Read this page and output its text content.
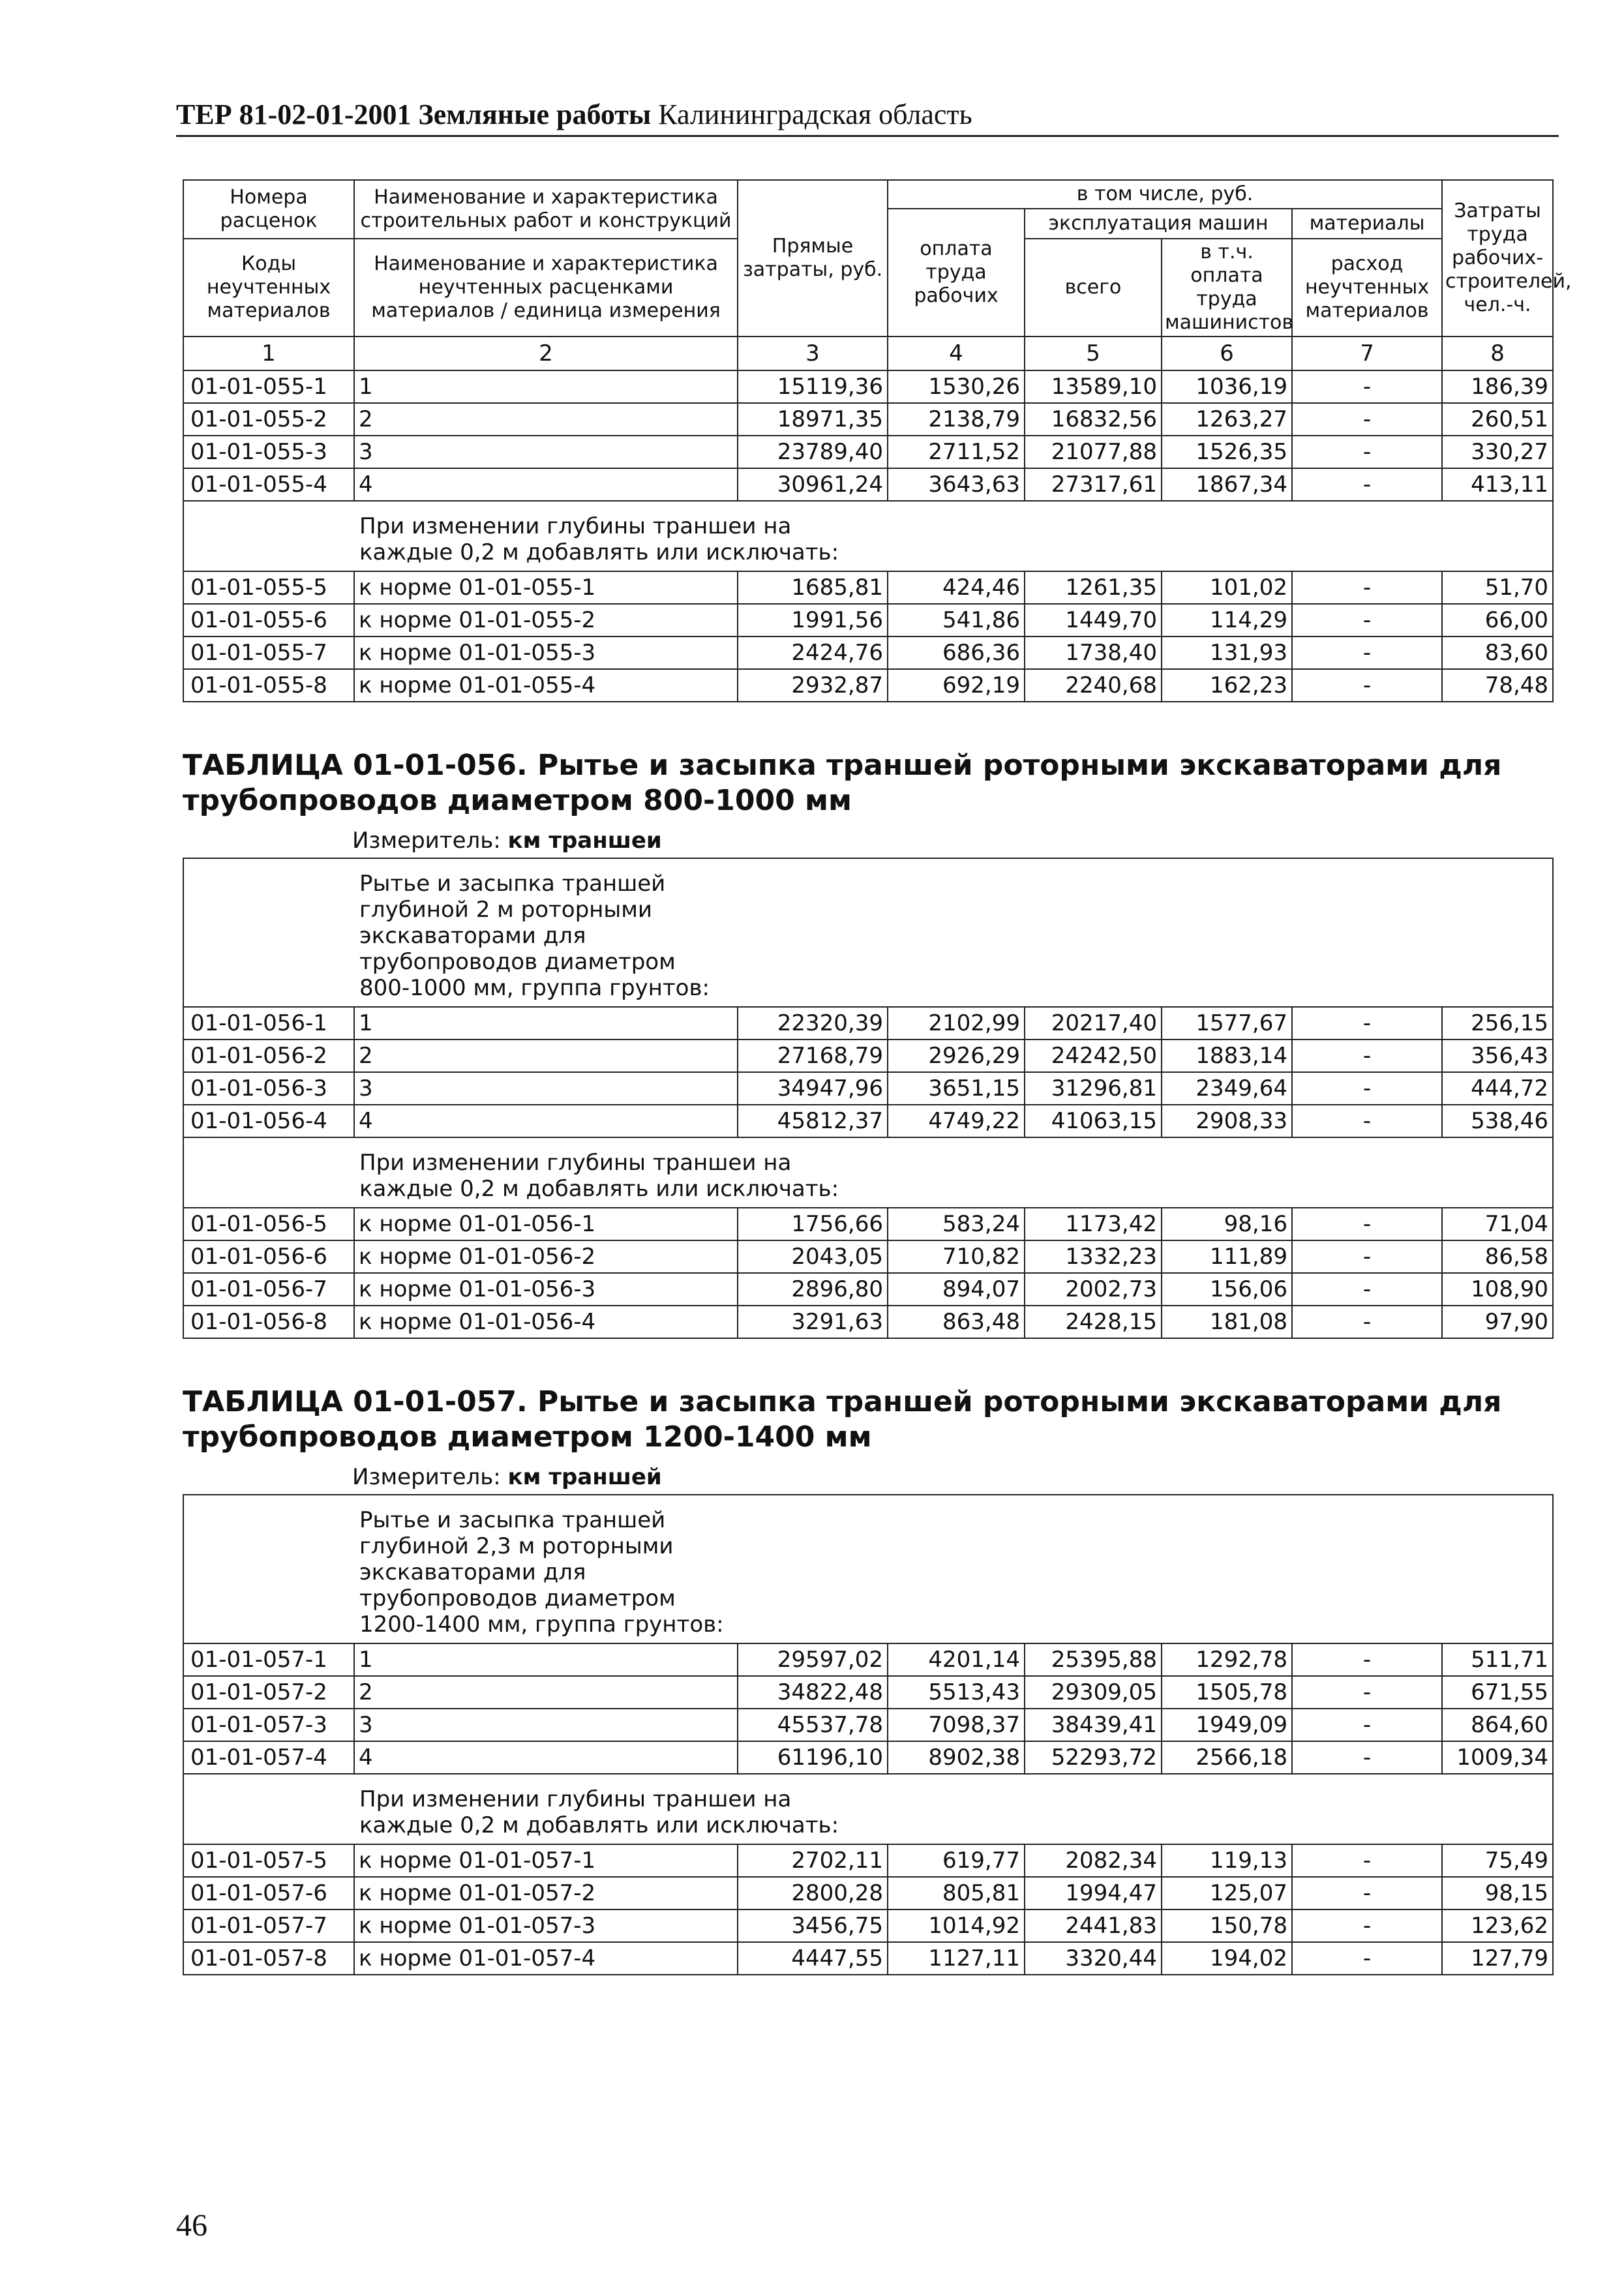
ТЕР 81-02-01-2001 Земляные работы Калининградская область
Номера расценок	Наименование и характеристика строительных работ и конструкций	Прямые затраты, руб.	в том числе, руб.				Затраты труда рабочих-строителей, чел.-ч.
			оплата труда рабочих	эксплуатация машин		материалы	
Коды неучтенных материалов	Наименование и характеристика неучтенных расценками материалов / единица измерения			всего	в т.ч. оплата труда машинистов	расход неучтенных материалов	

1	2	3	4	5	6	7	8
01-01-055-1	1	15119,36	1530,26	13589,10	1036,19	-	186,39
01-01-055-2	2	18971,35	2138,79	16832,56	1263,27	-	260,51
01-01-055-3	3	23789,40	2711,52	21077,88	1526,35	-	330,27
01-01-055-4	4	30961,24	3643,63	27317,61	1867,34	-	413,11
	При изменении глубины траншеи на каждые 0,2 м добавлять или исключать:						
01-01-055-5	к норме 01-01-055-1	1685,81	424,46	1261,35	101,02	-	51,70
01-01-055-6	к норме 01-01-055-2	1991,56	541,86	1449,70	114,29	-	66,00
01-01-055-7	к норме 01-01-055-3	2424,76	686,36	1738,40	131,93	-	83,60
01-01-055-8	к норме 01-01-055-4	2932,87	692,19	2240,68	162,23	-	78,48
ТАБЛИЦА 01-01-056. Рытье и засыпка траншей роторными экскаваторами для трубопроводов диаметром 800-1000 мм
Измеритель: км траншеи
	Рытье и засыпка траншей глубиной 2 м роторными экскаваторами для трубопроводов диаметром 800-1000 мм, группа грунтов:						
01-01-056-1	1	22320,39	2102,99	20217,40	1577,67	-	256,15
01-01-056-2	2	27168,79	2926,29	24242,50	1883,14	-	356,43
01-01-056-3	3	34947,96	3651,15	31296,81	2349,64	-	444,72
01-01-056-4	4	45812,37	4749,22	41063,15	2908,33	-	538,46
	При изменении глубины траншеи на каждые 0,2 м добавлять или исключать:						
01-01-056-5	к норме 01-01-056-1	1756,66	583,24	1173,42	98,16	-	71,04
01-01-056-6	к норме 01-01-056-2	2043,05	710,82	1332,23	111,89	-	86,58
01-01-056-7	к норме 01-01-056-3	2896,80	894,07	2002,73	156,06	-	108,90
01-01-056-8	к норме 01-01-056-4	3291,63	863,48	2428,15	181,08	-	97,90
ТАБЛИЦА 01-01-057. Рытье и засыпка траншей роторными экскаваторами для трубопроводов диаметром 1200-1400 мм
Измеритель: км траншей
	Рытье и засыпка траншей глубиной 2,3 м роторными экскаваторами для трубопроводов диаметром 1200-1400 мм, группа грунтов:						
01-01-057-1	1	29597,02	4201,14	25395,88	1292,78	-	511,71
01-01-057-2	2	34822,48	5513,43	29309,05	1505,78	-	671,55
01-01-057-3	3	45537,78	7098,37	38439,41	1949,09	-	864,60
01-01-057-4	4	61196,10	8902,38	52293,72	2566,18	-	1009,34
	При изменении глубины траншеи на каждые 0,2 м добавлять или исключать:						
01-01-057-5	к норме 01-01-057-1	2702,11	619,77	2082,34	119,13	-	75,49
01-01-057-6	к норме 01-01-057-2	2800,28	805,81	1994,47	125,07	-	98,15
01-01-057-7	к норме 01-01-057-3	3456,75	1014,92	2441,83	150,78	-	123,62
01-01-057-8	к норме 01-01-057-4	4447,55	1127,11	3320,44	194,02	-	127,79
46
